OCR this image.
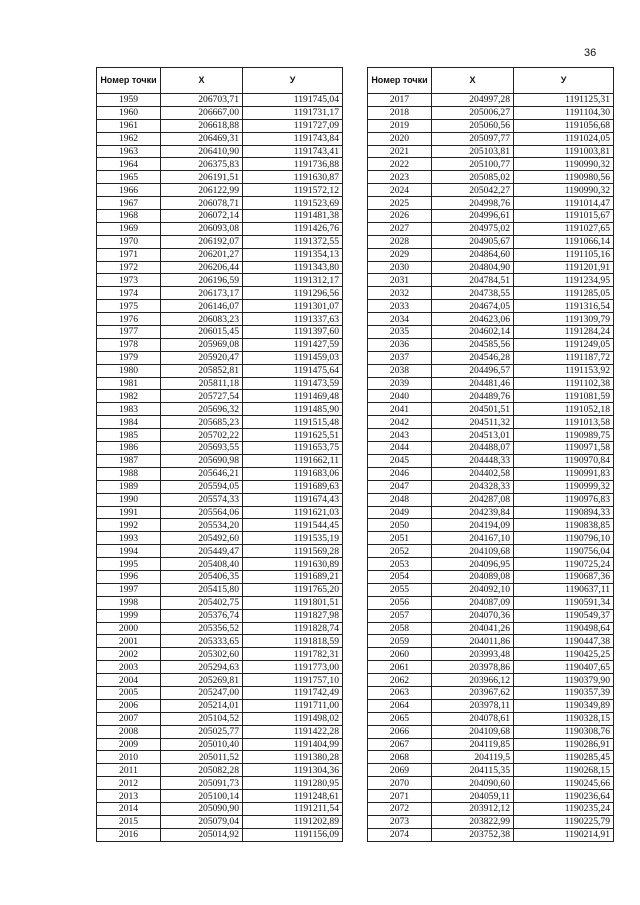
36
Номер точки	X	У
1959	206703,71	1191745,04
1960	206667,00	1191731,17
1961	206618,88	1191727,09
1962	206469,31	1191743,84
1963	206410,90	1191743,41
1964	206375,83	1191736,88
1965	206191,51	1191630,87
1966	206122,99	1191572,12
1967	206078,71	1191523,69
1968	206072,14	1191481,38
1969	206093,08	1191426,76
1970	206192,07	1191372,55
1971	206201,27	1191354,13
1972	206206,44	1191343,80
1973	206196,59	1191312,17
1974	206173,17	1191296,56
1975	206146,07	1191301,07
1976	206083,23	1191337,63
1977	206015,45	1191397,60
1978	205969,08	1191427,59
1979	205920,47	1191459,03
1980	205852,81	1191475,64
1981	205811,18	1191473,59
1982	205727,54	1191469,48
1983	205696,32	1191485,90
1984	205685,23	1191515,48
1985	205702,22	1191625,51
1986	205693,55	1191653,75
1987	205690,98	1191662,11
1988	205646,21	1191683,06
1989	205594,05	1191689,63
1990	205574,33	1191674,43
1991	205564,06	1191621,03
1992	205534,20	1191544,45
1993	205492,60	1191535,19
1994	205449,47	1191569,28
1995	205408,40	1191630,89
1996	205406,35	1191689,21
1997	205415,80	1191765,20
1998	205402,75	1191801,51
1999	205376,74	1191827,98
2000	205356,52	1191828,74
2001	205333,65	1191818,59
2002	205302,60	1191782,31
2003	205294,63	1191773,00
2004	205269,81	1191757,10
2005	205247,00	1191742,49
2006	205214,01	1191711,00
2007	205104,52	1191498,02
2008	205025,77	1191422,28
2009	205010,40	1191404,99
2010	205011,52	1191380,28
2011	205082,28	1191304,36
2012	205091,73	1191280,95
2013	205100,14	1191248,61
2014	205090,90	1191211,54
2015	205079,04	1191202,89
2016	205014,92	1191156,09
Номер точки	X	У
2017	204997,28	1191125,31
2018	205006,27	1191104,30
2019	205060,56	1191056,68
2020	205097,77	1191024,05
2021	205103,81	1191003,81
2022	205100,77	1190990,32
2023	205085,02	1190980,56
2024	205042,27	1190990,32
2025	204998,76	1191014,47
2026	204996,61	1191015,67
2027	204975,02	1191027,65
2028	204905,67	1191066,14
2029	204864,60	1191105,16
2030	204804,90	1191201,91
2031	204784,51	1191234,95
2032	204738,55	1191285,05
2033	204674,05	1191316,54
2034	204623,06	1191309,79
2035	204602,14	1191284,24
2036	204585,56	1191249,05
2037	204546,28	1191187,72
2038	204496,57	1191153,92
2039	204481,46	1191102,38
2040	204489,76	1191081,59
2041	204501,51	1191052,18
2042	204511,32	1191013,58
2043	204513,01	1190989,75
2044	204488,07	1190971,58
2045	204448,33	1190970,84
2046	204402,58	1190991,83
2047	204328,33	1190999,32
2048	204287,08	1190976,83
2049	204239,84	1190894,33
2050	204194,09	1190838,85
2051	204167,10	1190796,10
2052	204109,68	1190756,04
2053	204096,95	1190725,24
2054	204089,08	1190687,36
2055	204092,10	1190637,11
2056	204087,09	1190591,34
2057	204070,36	1190549,37
2058	204041,26	1190498,64
2059	204011,86	1190447,38
2060	203993,48	1190425,25
2061	203978,86	1190407,65
2062	203966,12	1190379,90
2063	203967,62	1190357,39
2064	203978,11	1190349,89
2065	204078,61	1190328,15
2066	204109,68	1190308,76
2067	204119,85	1190286,91
2068	204119,5	1190285,45
2069	204115,35	1190268,15
2070	204090,60	1190245,66
2071	204059,11	1190236,64
2072	203912,12	1190235,24
2073	203822,99	1190225,79
2074	203752,38	1190214,91
